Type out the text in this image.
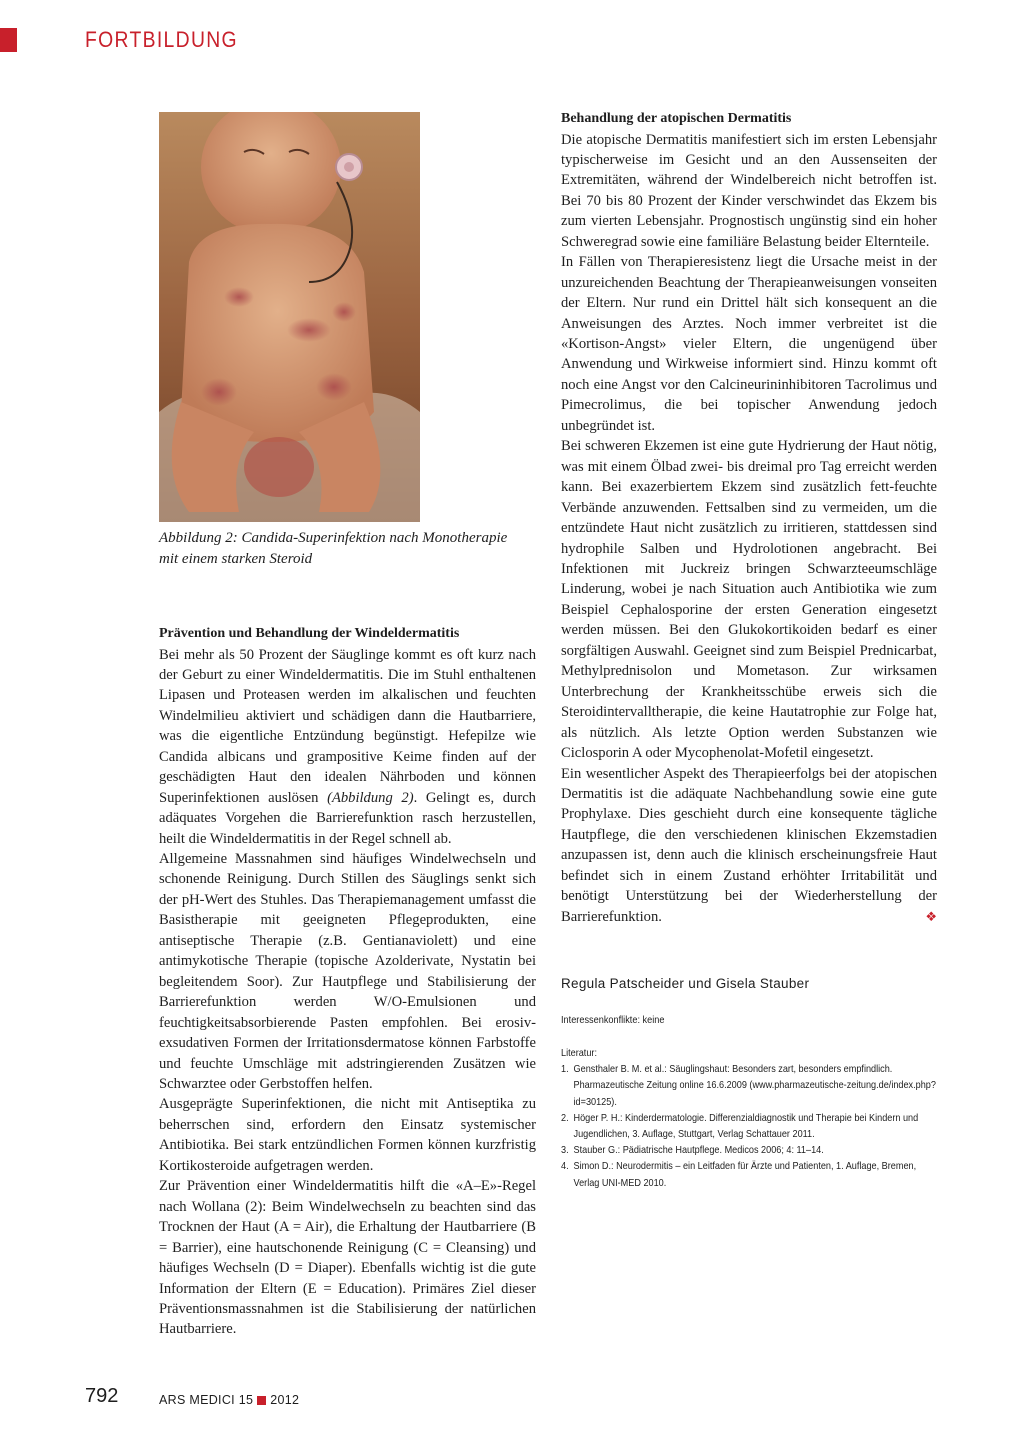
FORTBILDUNG

Abbildung 2: Candida-Superinfektion nach Monotherapie
mit einem starken Steroid

Prävention und Behandlung der Windeldermatitis

Bei mehr als 50 Prozent der Säuglinge kommt es oft kurz nach der Geburt zu einer Windeldermatitis. Die im Stuhl enthaltenen Lipasen und Proteasen werden im alkalischen und feuchten Windelmilieu aktiviert und schädigen dann die Hautbarriere, was die eigentliche Entzündung begünstigt. Hefepilze wie Candida albicans und grampositive Keime finden auf der geschädigten Haut den idealen Nährboden und können Superinfektionen auslösen (Abbildung 2). Gelingt es, durch adäquates Vorgehen die Barrierefunktion rasch herzustellen, heilt die Windeldermatitis in der Regel schnell ab.

Allgemeine Massnahmen sind häufiges Windelwechseln und schonende Reinigung. Durch Stillen des Säuglings senkt sich der pH-Wert des Stuhles. Das Therapiemanagement umfasst die Basistherapie mit geeigneten Pflegeprodukten, eine antiseptische Therapie (z.B. Gentianaviolett) und eine antimykotische Therapie (topische Azolderivate, Nystatin bei begleitendem Soor). Zur Hautpflege und Stabilisierung der Barrierefunktion werden W/O-Emulsionen und feuchtigkeitsabsorbierende Pasten empfohlen. Bei erosiv-exsudativen Formen der Irritationsdermatose können Farbstoffe und feuchte Umschläge mit adstringierenden Zusätzen wie Schwarztee oder Gerbstoffen helfen.

Ausgeprägte Superinfektionen, die nicht mit Antiseptika zu beherrschen sind, erfordern den Einsatz systemischer Antibiotika. Bei stark entzündlichen Formen können kurzfristig Kortikosteroide aufgetragen werden.

Zur Prävention einer Windeldermatitis hilft die «A–E»-Regel nach Wollana (2): Beim Windelwechseln zu beachten sind das Trocknen der Haut (A = Air), die Erhaltung der Hautbarriere (B = Barrier), eine hautschonende Reinigung (C = Cleansing) und häufiges Wechseln (D = Diaper). Ebenfalls wichtig ist die gute Information der Eltern (E = Education). Primäres Ziel dieser Präventionsmassnahmen ist die Stabilisierung der natürlichen Hautbarriere.

Behandlung der atopischen Dermatitis

Die atopische Dermatitis manifestiert sich im ersten Lebensjahr typischerweise im Gesicht und an den Aussenseiten der Extremitäten, während der Windelbereich nicht betroffen ist. Bei 70 bis 80 Prozent der Kinder verschwindet das Ekzem bis zum vierten Lebensjahr. Prognostisch ungünstig sind ein hoher Schweregrad sowie eine familiäre Belastung beider Elternteile.

In Fällen von Therapieresistenz liegt die Ursache meist in der unzureichenden Beachtung der Therapieanweisungen vonseiten der Eltern. Nur rund ein Drittel hält sich konsequent an die Anweisungen des Arztes. Noch immer verbreitet ist die «Kortison-Angst» vieler Eltern, die ungenügend über Anwendung und Wirkweise informiert sind. Hinzu kommt oft noch eine Angst vor den Calcineurininhibitoren Tacrolimus und Pimecrolimus, die bei topischer Anwendung jedoch unbegründet ist.

Bei schweren Ekzemen ist eine gute Hydrierung der Haut nötig, was mit einem Ölbad zwei- bis dreimal pro Tag erreicht werden kann. Bei exazerbiertem Ekzem sind zusätzlich fett-feuchte Verbände anzuwenden. Fettsalben sind zu vermeiden, um die entzündete Haut nicht zusätzlich zu irritieren, stattdessen sind hydrophile Salben und Hydrolotionen angebracht. Bei Infektionen mit Juckreiz bringen Schwarzteeumschläge Linderung, wobei je nach Situation auch Antibiotika wie zum Beispiel Cephalosporine der ersten Generation eingesetzt werden müssen. Bei den Glukokortikoiden bedarf es einer sorgfältigen Auswahl. Geeignet sind zum Beispiel Prednicarbat, Methylprednisolon und Mometason. Zur wirksamen Unterbrechung der Krankheitsschübe erweis sich die Steroidintervalltherapie, die keine Hautatrophie zur Folge hat, als nützlich. Als letzte Option werden Substanzen wie Ciclosporin A oder Mycophenolat-Mofetil eingesetzt.

Ein wesentlicher Aspekt des Therapieerfolgs bei der atopischen Dermatitis ist die adäquate Nachbehandlung sowie eine gute Prophylaxe. Dies geschieht durch eine konsequente tägliche Hautpflege, die den verschiedenen klinischen Ekzemstadien anzupassen ist, denn auch die klinisch erscheinungsfreie Haut befindet sich in einem Zustand erhöhter Irritabilität und benötigt Unterstützung bei der Wiederherstellung der Barrierefunktion.	❖

Regula Patscheider und Gisela Stauber

Interessenkonflikte: keine

Literatur:

1. Gensthaler B. M. et al.: Säuglingshaut: Besonders zart, besonders empfindlich. Pharmazeutische Zeitung online 16.6.2009 (www.pharmazeutische-zeitung.de/index.php?id=30125).
2. Höger P. H.: Kinderdermatologie. Differenzialdiagnostik und Therapie bei Kindern und Jugendlichen, 3. Auflage, Stuttgart, Verlag Schattauer 2011.
3. Stauber G.: Pädiatrische Hautpflege. Medicos 2006; 4: 11–14.
4. Simon D.: Neurodermitis – ein Leitfaden für Ärzte und Patienten, 1. Auflage, Bremen, Verlag UNI-MED 2010.

792	ARS MEDICI 15 2012
